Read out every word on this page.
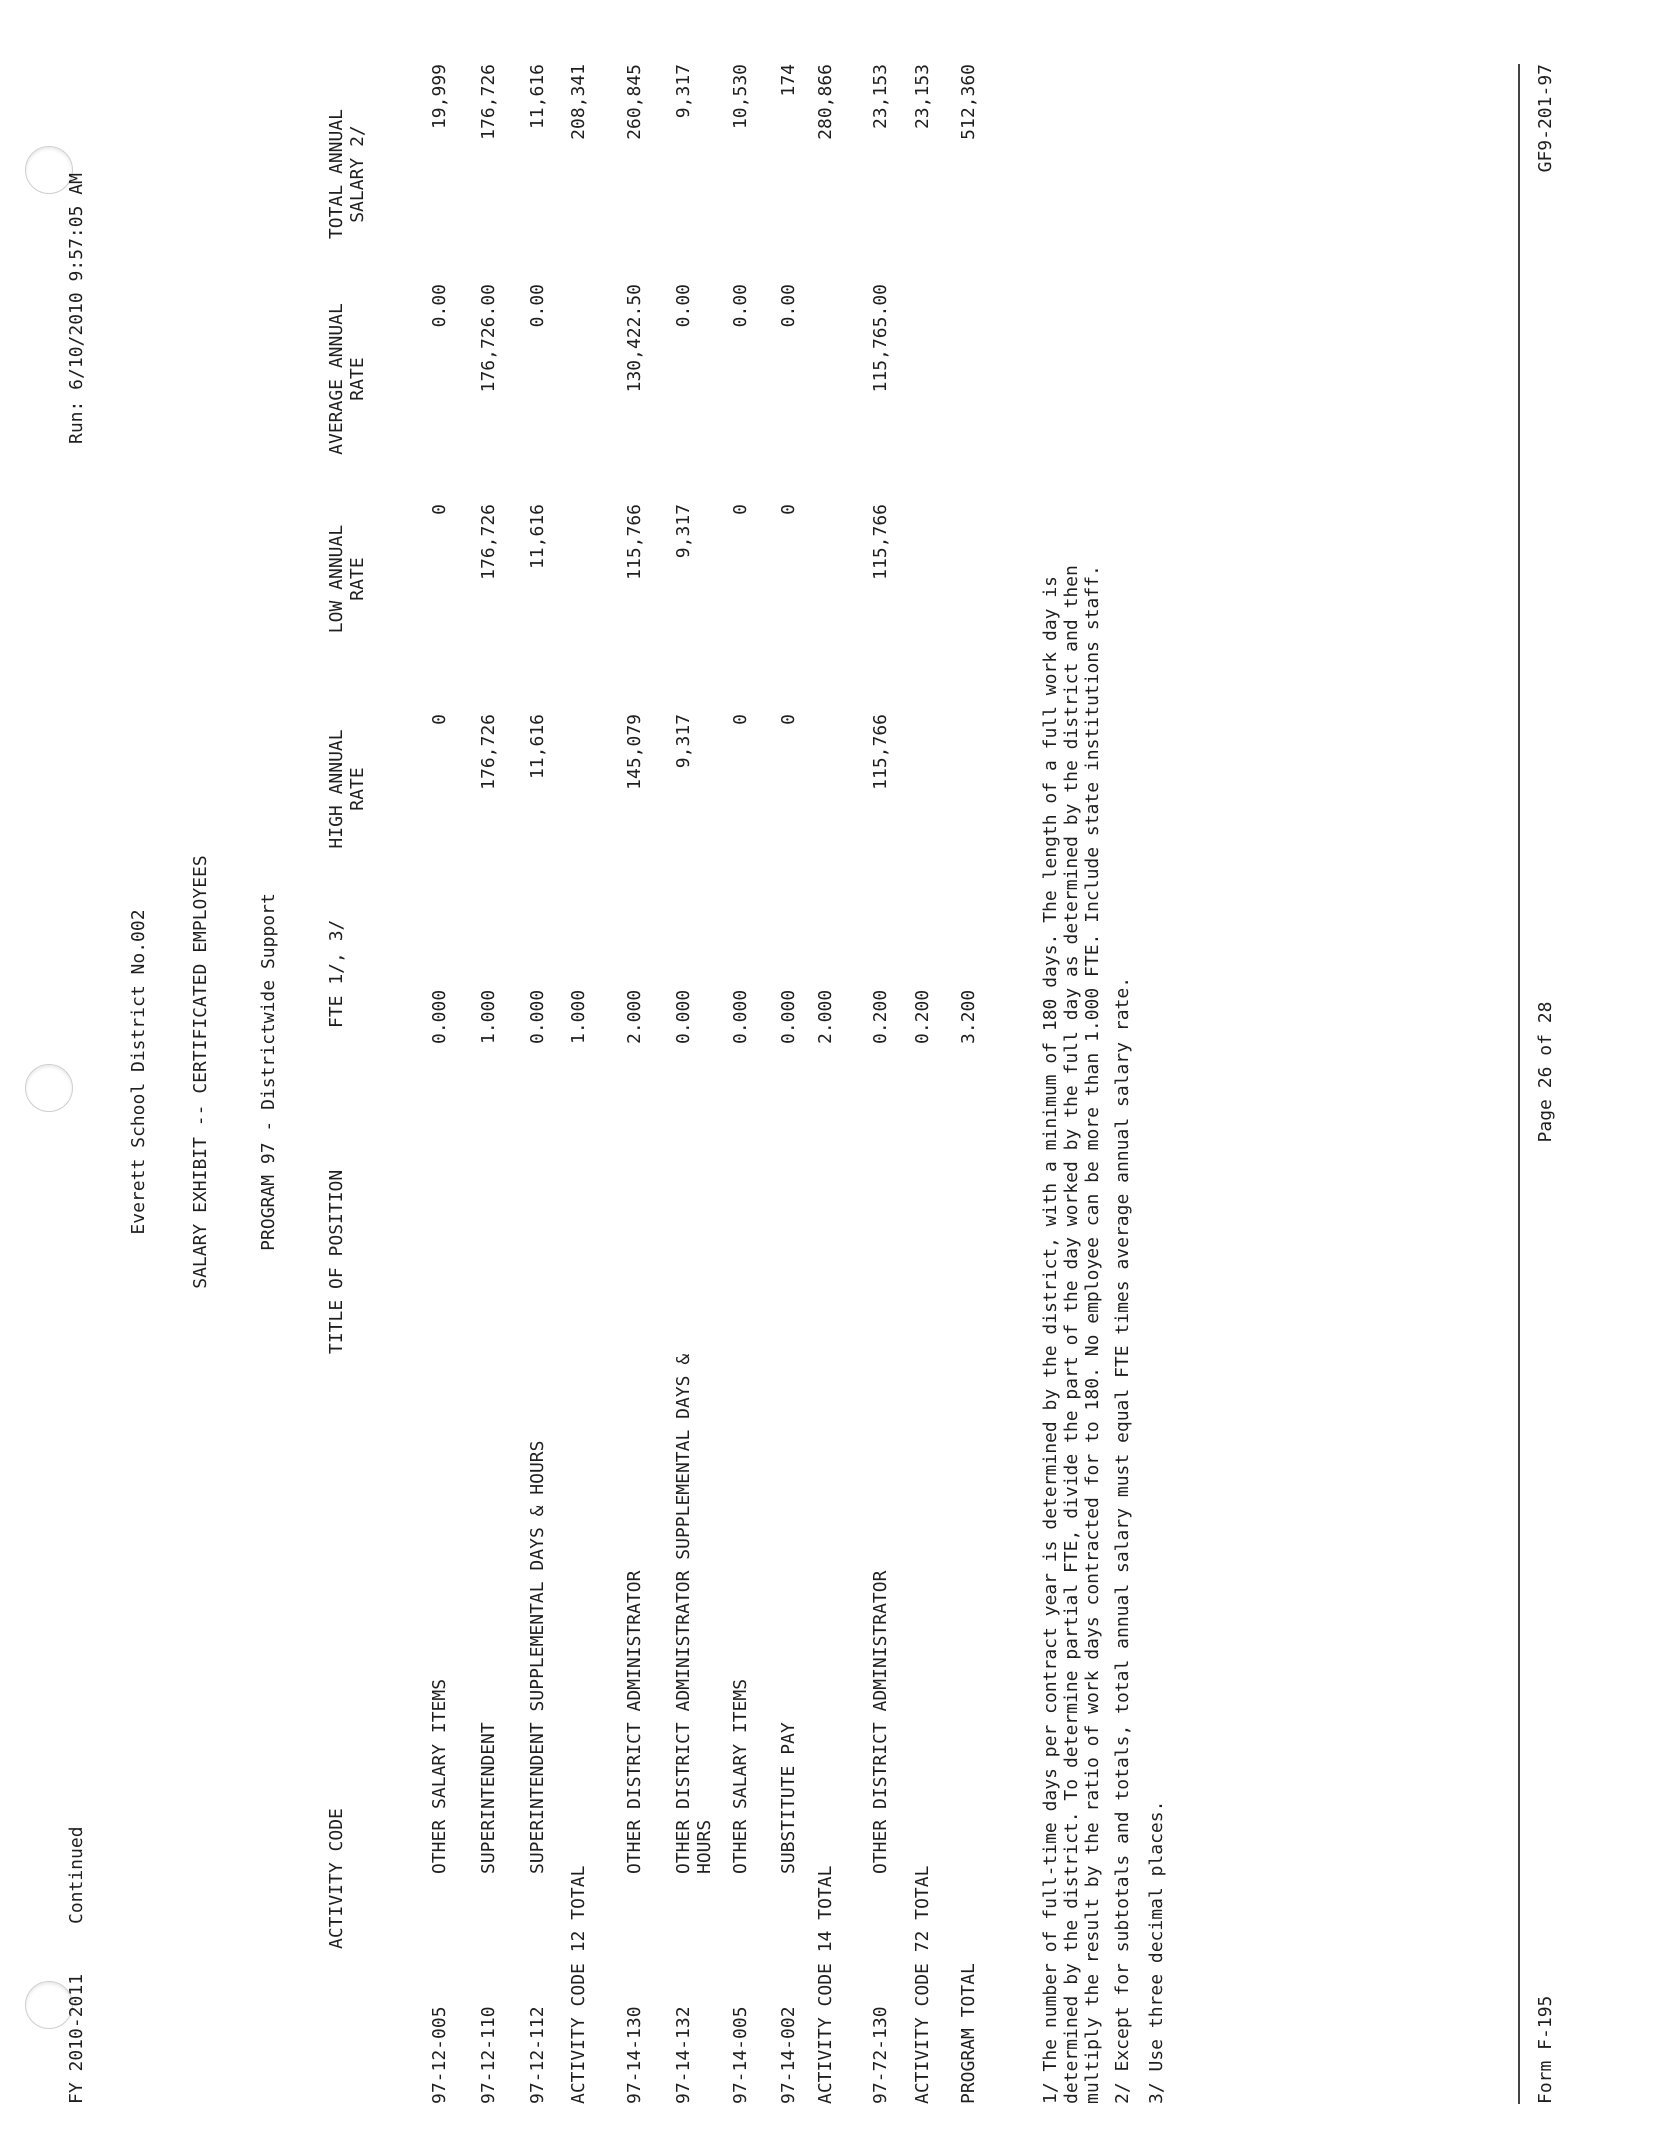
FY 2010-2011
Continued
Run: 6/10/2010 9:57:05 AM
Everett School District No.002 SALARY EXHIBIT -- CERTIFICATED EMPLOYEES	PROGRAM 97 - Districtwide Support
ACTIVITY CODE
TITLE OF POSITION
FTE 1/, 3/
HIGH ANNUAL RATE
LOW ANNUAL RATE
AVERAGE ANNUAL RATE
TOTAL ANNUAL SALARY 2/
97-12-005
OTHER SALARY ITEMS
0.000
0
0
0.00
19,999
97-12-110
SUPERINTENDENT
1.000
176,726
176,726
176,726.00
176,726
97-12-112
SUPERINTENDENT SUPPLEMENTAL DAYS & HOURS
0.000
11,616
11,616
0.00
11,616
ACTIVITY CODE 12 TOTAL
1.000
208,341
97-14-130
OTHER DISTRICT ADMINISTRATOR
2.000
145,079
115,766
130,422.50
260,845
97-14-132
OTHER DISTRICT ADMINISTRATOR SUPPLEMENTAL DAYS &
0.000
9,317
9,317
0.00
9,317
HOURS
97-14-005
OTHER SALARY ITEMS
0.000
0
0
0.00
10,530
97-14-002
SUBSTITUTE PAY
0.000
0
0
0.00
174
ACTIVITY CODE 14 TOTAL
2.000
280,866
97-72-130
OTHER DISTRICT ADMINISTRATOR
0.200
115,766
115,766
115,765.00
23,153
ACTIVITY CODE 72 TOTAL
0.200
23,153
PROGRAM TOTAL
3.200
512,360
1/ The number of full-time days per contract year is determined by the district, with a minimum of 180 days. The length of a full work day is determined by the district. To determine partial FTE, divide the part of the day worked by the full day as determined by the district and then multiply the result by the ratio of work days contracted for to 180. No employee can be more than 1.000 FTE. Include state institutions staff. 2/ Except for subtotals and totals, total annual salary must equal FTE times average annual salary rate. 3/ Use three decimal places.	Form F-195
Page 26 of 28
GF9-201-97
